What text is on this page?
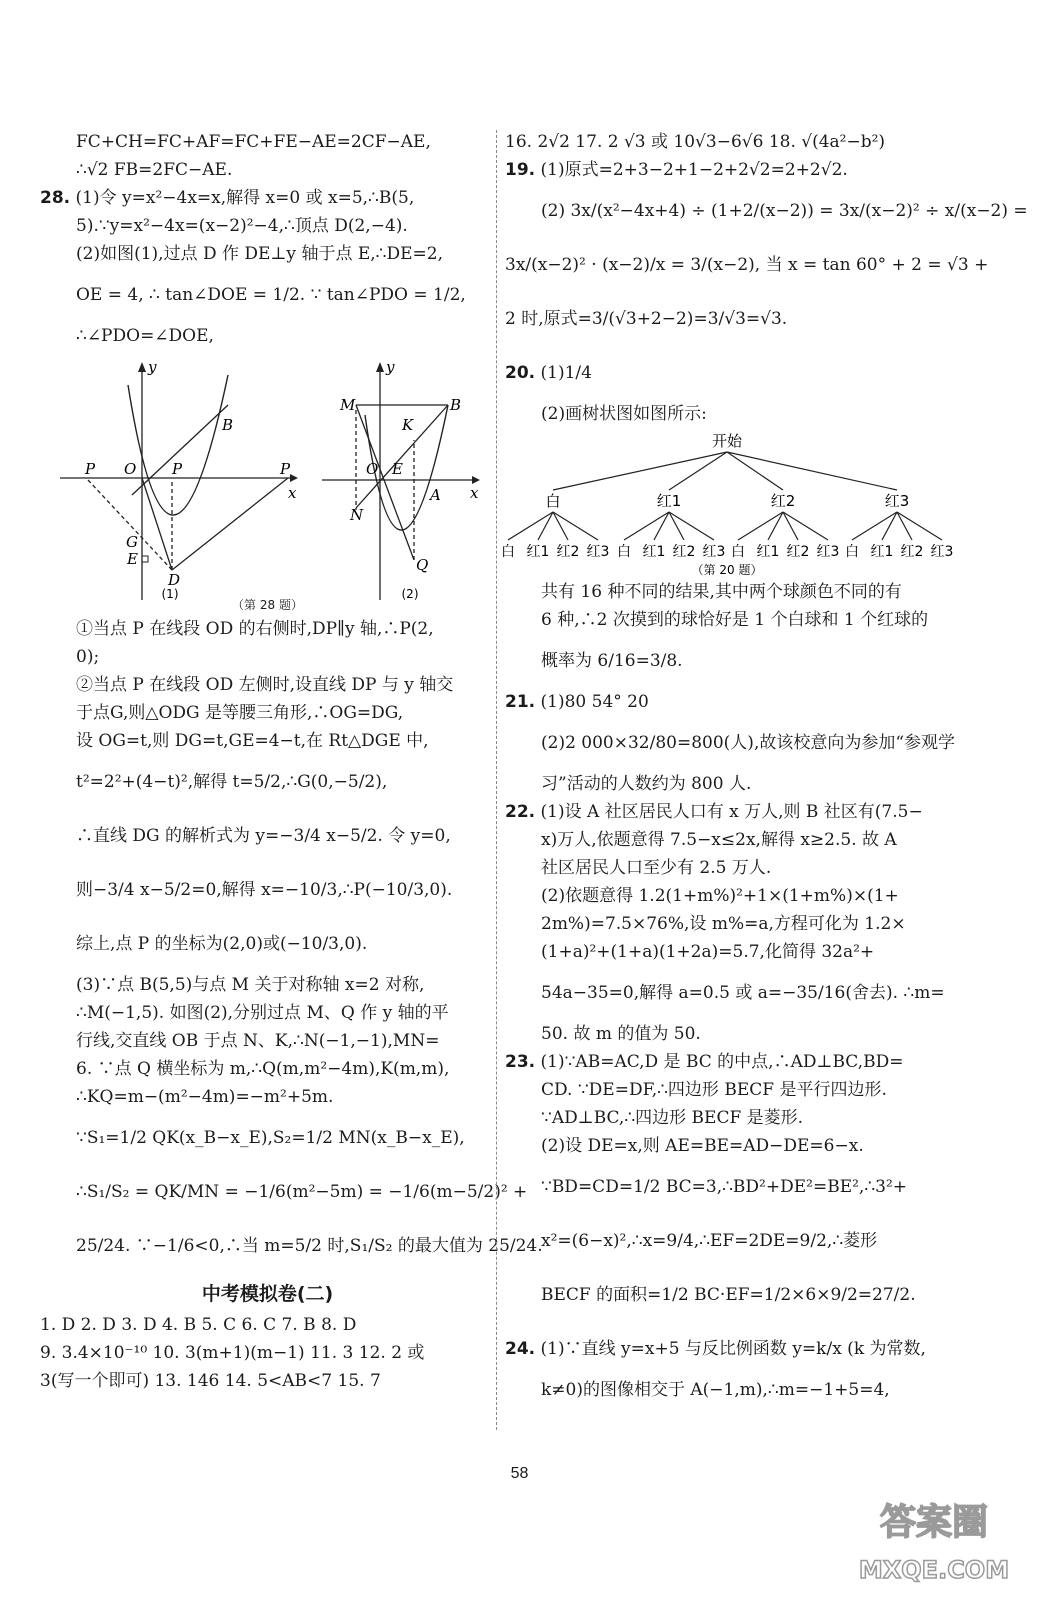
FC+CH=FC+AF=FC+FE−AE=2CF−AE,
∴√2 FB=2FC−AE.
28. (1)令 y=x²−4x=x,解得 x=0 或 x=5,∴B(5,
5).∵y=x²−4x=(x−2)²−4,∴顶点 D(2,−4).
(2)如图(1),过点 D 作 DE⊥y 轴于点 E,∴DE=2,
OE = 4, ∴ tan∠DOE = 1/2. ∵ tan∠PDO = 1/2,
∴∠PDO=∠DOE,
y
x
B
P O P	P
G
E
D
y
x
M	B
K
O E
N
A
Q
(1)	(2)
（第 28 题）
①当点 P 在线段 OD 的右侧时,DP∥y 轴,∴P(2,
0);
②当点 P 在线段 OD 左侧时,设直线 DP 与 y 轴交
于点G,则△ODG 是等腰三角形,∴OG=DG,
设 OG=t,则 DG=t,GE=4−t,在 Rt△DGE 中,
t²=2²+(4−t)²,解得 t=5/2,∴G(0,−5/2),
∴直线 DG 的解析式为 y=−3/4 x−5/2. 令 y=0,
则−3/4 x−5/2=0,解得 x=−10/3,∴P(−10/3,0).
综上,点 P 的坐标为(2,0)或(−10/3,0).
(3)∵点 B(5,5)与点 M 关于对称轴 x=2 对称,
∴M(−1,5). 如图(2),分别过点 M、Q 作 y 轴的平
行线,交直线 OB 于点 N、K,∴N(−1,−1),MN=
6. ∵点 Q 横坐标为 m,∴Q(m,m²−4m),K(m,m),
∴KQ=m−(m²−4m)=−m²+5m.
∵S₁=1/2 QK(x_B−x_E),S₂=1/2 MN(x_B−x_E),
∴S₁/S₂ = QK/MN = −1/6(m²−5m) = −1/6(m−5/2)² +
25/24. ∵−1/6<0,∴当 m=5/2 时,S₁/S₂ 的最大值为 25/24.
中考模拟卷(二)
1. D 2. D 3. D 4. B 5. C 6. C 7. B 8. D
9. 3.4×10⁻¹⁰ 10. 3(m+1)(m−1) 11. 3 12. 2 或
3(写一个即可) 13. 146 14. 5<AB<7 15. 7
16. 2√2 17. 2 √3 或 10√3−6√6 18. √(4a²−b²)
19. (1)原式=2+3−2+1−2+2√2=2+2√2.
(2) 3x/(x²−4x+4) ÷ (1+2/(x−2)) = 3x/(x−2)² ÷ x/(x−2) =
3x/(x−2)² · (x−2)/x = 3/(x−2), 当 x = tan 60° + 2 = √3 +
2 时,原式=3/(√3+2−2)=3/√3=√3.
20. (1)1/4
(2)画树状图如图所示:
开始
白
白 红1 红2 红3
红1
白 红1 红2 红3
红2
白 红1 红2 红3
红3
白 红1 红2 红3
（第 20 题）
共有 16 种不同的结果,其中两个球颜色不同的有
6 种,∴2 次摸到的球恰好是 1 个白球和 1 个红球的
概率为 6/16=3/8.
21. (1)80 54° 20
(2)2 000×32/80=800(人),故该校意向为参加“参观学
习”活动的人数约为 800 人.
22. (1)设 A 社区居民人口有 x 万人,则 B 社区有(7.5−
x)万人,依题意得 7.5−x≤2x,解得 x≥2.5. 故 A
社区居民人口至少有 2.5 万人.
(2)依题意得 1.2(1+m%)²+1×(1+m%)×(1+
2m%)=7.5×76%,设 m%=a,方程可化为 1.2×
(1+a)²+(1+a)(1+2a)=5.7,化简得 32a²+
54a−35=0,解得 a=0.5 或 a=−35/16(舍去). ∴m=
50. 故 m 的值为 50.
23. (1)∵AB=AC,D 是 BC 的中点,∴AD⊥BC,BD=
CD. ∵DE=DF,∴四边形 BECF 是平行四边形.
∵AD⊥BC,∴四边形 BECF 是菱形.
(2)设 DE=x,则 AE=BE=AD−DE=6−x.
∵BD=CD=1/2 BC=3,∴BD²+DE²=BE²,∴3²+
x²=(6−x)²,∴x=9/4,∴EF=2DE=9/2,∴菱形
BECF 的面积=1/2 BC·EF=1/2×6×9/2=27/2.
24. (1)∵直线 y=x+5 与反比例函数 y=k/x (k 为常数,
k≠0)的图像相交于 A(−1,m),∴m=−1+5=4,
58
答案圈
MXQE.COM
